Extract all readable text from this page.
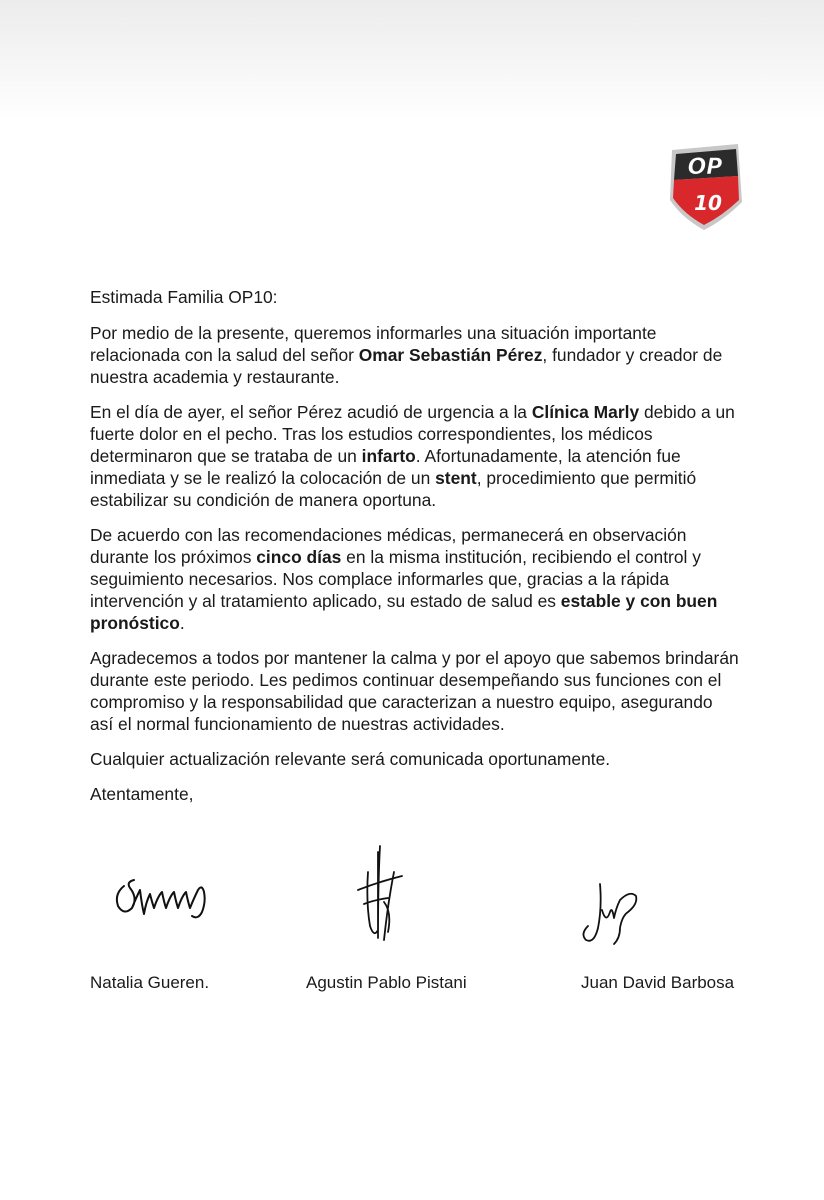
OP
10

Estimada Familia OP10:

Por medio de la presente, queremos informarles una situación importante relacionada con la salud del señor Omar Sebastián Pérez, fundador y creador de nuestra academia y restaurante.

En el día de ayer, el señor Pérez acudió de urgencia a la Clínica Marly debido a un fuerte dolor en el pecho. Tras los estudios correspondientes, los médicos determinaron que se trataba de un infarto. Afortunadamente, la atención fue inmediata y se le realizó la colocación de un stent, procedimiento que permitió estabilizar su condición de manera oportuna.

De acuerdo con las recomendaciones médicas, permanecerá en observación durante los próximos cinco días en la misma institución, recibiendo el control y seguimiento necesarios. Nos complace informarles que, gracias a la rápida intervención y al tratamiento aplicado, su estado de salud es estable y con buen pronóstico.

Agradecemos a todos por mantener la calma y por el apoyo que sabemos brindarán durante este periodo. Les pedimos continuar desempeñando sus funciones con el compromiso y la responsabilidad que caracterizan a nuestro equipo, asegurando así el normal funcionamiento de nuestras actividades.

Cualquier actualización relevante será comunicada oportunamente.

Atentamente,

Natalia Gueren.	Agustin Pablo Pistani	Juan David Barbosa
